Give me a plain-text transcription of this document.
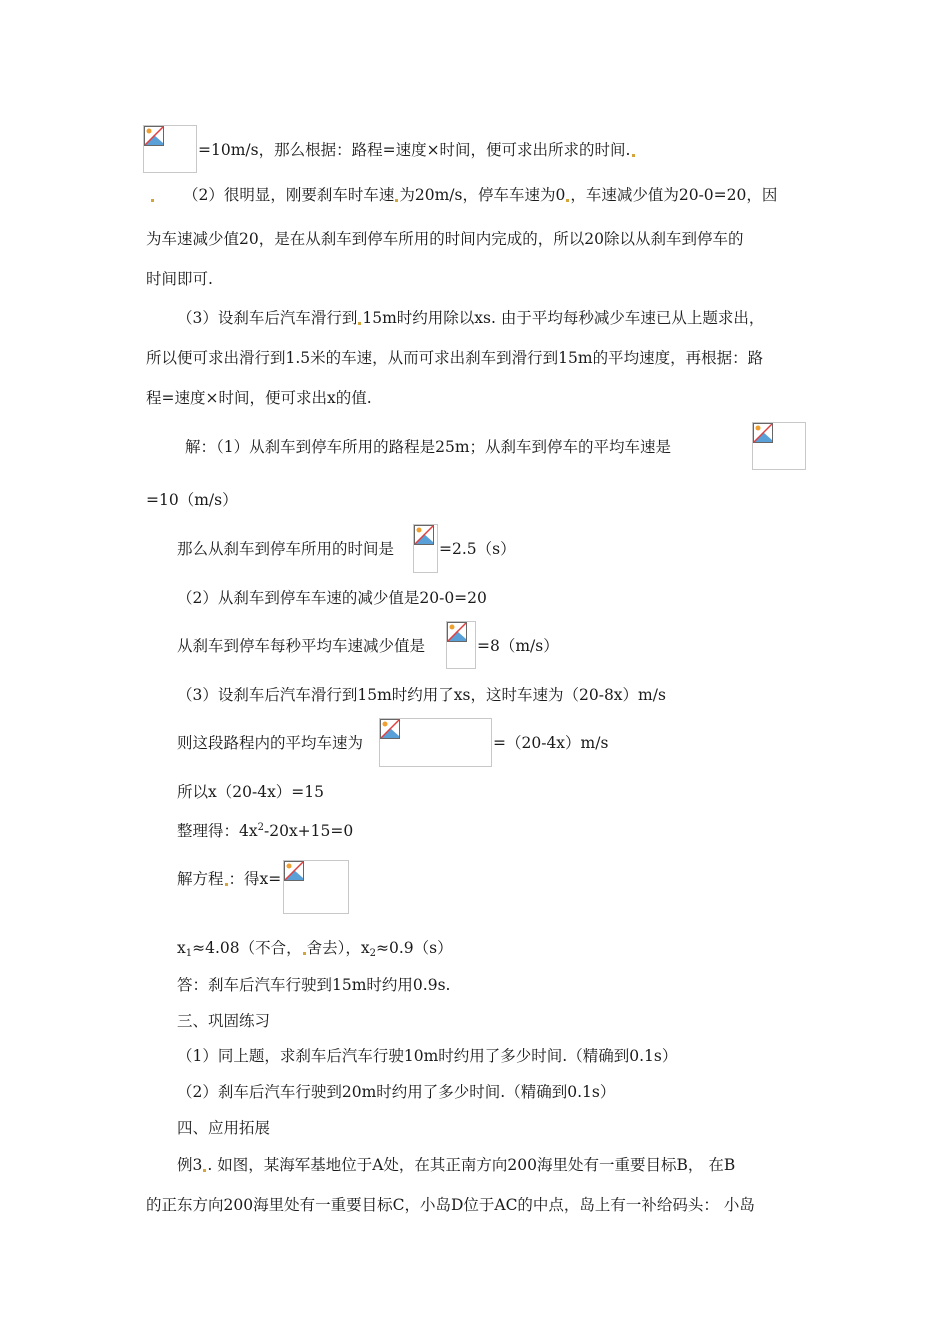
=10m/s，那么根据：路程=速度×时间，便可求出所求的时间.
（2）很明显，刚要刹车时车速 为20m/s，停车车速为0 ，车速减少值为20-0=20，因
为车速减少值20，是在从刹车到停车所用的时间内完成的，所以20除以从刹车到停车的
时间即可.
（3）设刹车后汽车滑行到 15m时约用除以xs. 由于平均每秒减少车速已从上题求出，
所以便可求出滑行到1.5米的车速，从而可求出刹车到滑行到15m的平均速度，再根据：路
程=速度×时间，便可求出x的值.
解：（1）从刹车到停车所用的路程是25m；从刹车到停车的平均车速是
=10（m/s）
那么从刹车到停车所用的时间是	=2.5（s）
（2）从刹车到停车车速的减少值是20-0=20
从刹车到停车每秒平均车速减少值是	=8（m/s）
（3）设刹车后汽车滑行到15m时约用了xs，这时车速为（20-8x）m/s
则这段路程内的平均车速为	=（20-4x）m/s
所以x（20-4x）=15
整理得：$4x^2-20x+15=0$
解方程 ：得x=
$x_1\approx 4.08$（不合， 舍去），$x_2\approx 0.9(s)$
答：刹车后汽车行驶到15m时约用0.9s.
三、巩固练习
（1）同上题，求刹车后汽车行驶10m时约用了多少时间.（精确到0.1s）
（2）刹车后汽车行驶到20m时约用了多少时间.（精确到0.1s）
四、应用拓展
例3 . 如图，某海军基地位于A处，在其正南方向200海里处有一重要目标B， 在B
的正东方向200海里处有一重要目标C，小岛D位于AC的中点，岛上有一补给码头： 小岛
